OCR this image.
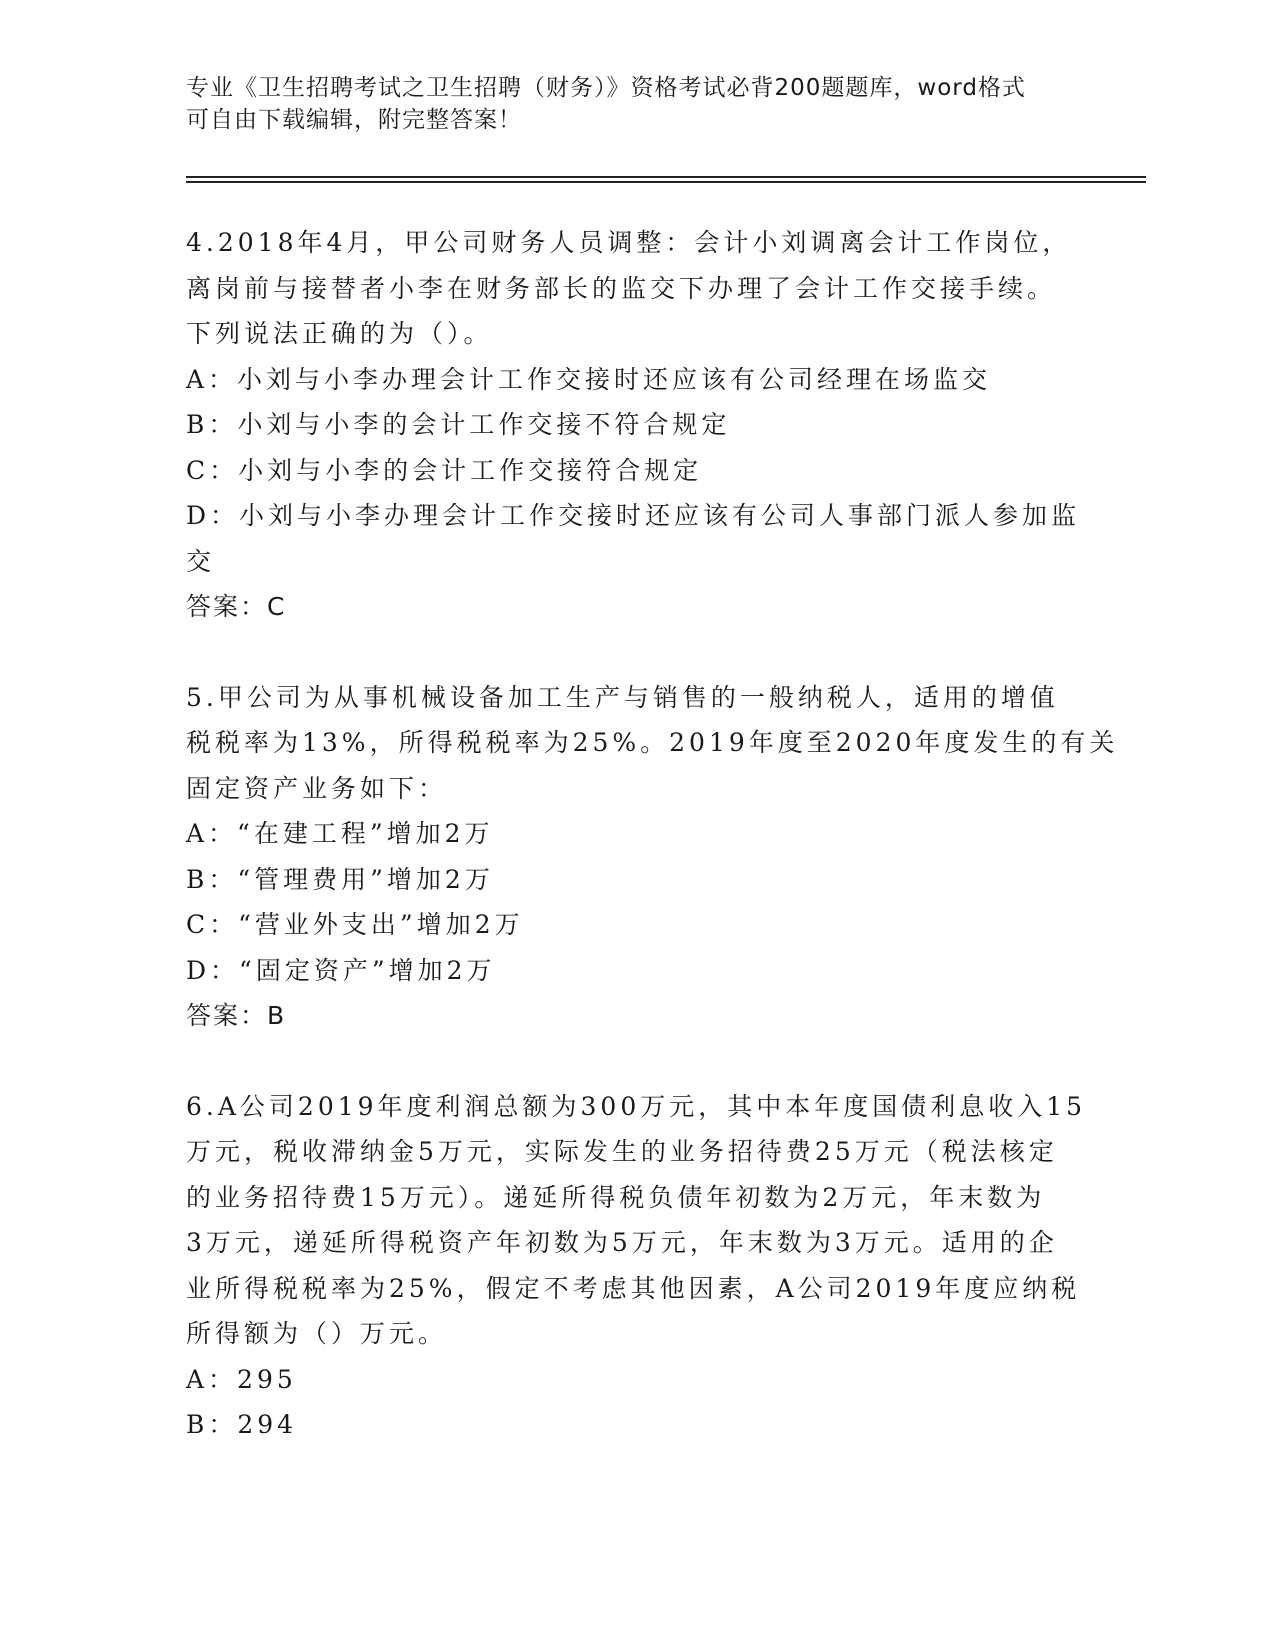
专业《卫生招聘考试之卫生招聘（财务）》资格考试必背200题题库，word格式
可自由下载编辑，附完整答案！
4.2018年4月，甲公司财务人员调整：会计小刘调离会计工作岗位，
离岗前与接替者小李在财务部长的监交下办理了会计工作交接手续。
下列说法正确的为（）。
A：小刘与小李办理会计工作交接时还应该有公司经理在场监交
B：小刘与小李的会计工作交接不符合规定
C：小刘与小李的会计工作交接符合规定
D：小刘与小李办理会计工作交接时还应该有公司人事部门派人参加监
交
答案：C
5.甲公司为从事机械设备加工生产与销售的一般纳税人，适用的增值
税税率为13%，所得税税率为25%。2019年度至2020年度发生的有关
固定资产业务如下：
A：“在建工程”增加2万
B：“管理费用”增加2万
C：“营业外支出”增加2万
D：“固定资产”增加2万
答案：B
6.A公司2019年度利润总额为300万元，其中本年度国债利息收入15
万元，税收滞纳金5万元，实际发生的业务招待费25万元（税法核定
的业务招待费15万元）。递延所得税负债年初数为2万元，年末数为
3万元，递延所得税资产年初数为5万元，年末数为3万元。适用的企
业所得税税率为25%，假定不考虑其他因素，A公司2019年度应纳税
所得额为（）万元。
A：295
B：294
